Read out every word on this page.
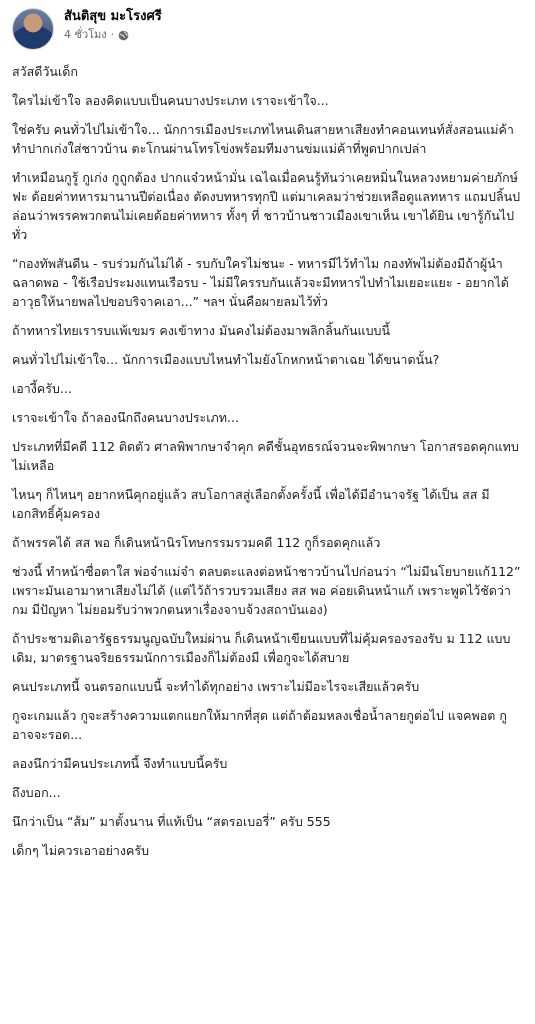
สันติสุข มะโรงศรี
4 ชั่วโมง ·

สวัสดีวันเด็ก

ใครไม่เข้าใจ ลองคิดแบบเป็นคนบางประเภท เราจะเข้าใจ...

ใช่ครับ คนทั่วไปไม่เข้าใจ... นักการเมืองประเภทไหนเดินสายหาเสียงทำคอนเทนท์สั่งสอนแม่ค้า ทำปากเก่งใส่ชาวบ้าน ตะโกนผ่านโทรโข่งพร้อมทีมงานข่มแม่ค้าที่พูดปากเปล่า

ทำเหมือนกูรู้ กูเก่ง กูถูกต้อง ปากแจ๋วหน้ามั่น เฉไฉเมื่อคนรู้ทันว่าเคยหมิ่นในหลวงหยามค่ายภักษ์ฟะ ด้อยค่าทหารมานานปีต่อเนื่อง ตัดงบทหารทุกปี แต่มาเคลมว่าช่วยเหลือดูแลทหาร แถมปลิ้นปล่อนว่าพรรคพวกตนไม่เคยด้อยค่าทหาร ทั้งๆ ที่ ชาวบ้านชาวเมืองเขาเห็น เขาได้ยิน เขารู้กันไปทั่ว

“กองทัพสันดีน - รบร่วมกันไม่ได้ - รบกับใครไม่ชนะ - ทหารมีไว้ทำไม กองทัพไม่ต้องมีถ้าผู้นำฉลาดพอ - ใช้เรือประมงแทนเรือรบ - ไม่มีใครรบกันแล้วจะมีทหารไปทำไมเยอะแยะ - อยากได้อาวุธให้นายพลไปขอบริจาคเอา...” ฯลฯ นั่นคือผายลมไว้ทั่ว

ถ้าทหารไทยเรารบแพ้เขมร คงเข้าทาง มันคงไม่ต้องมาพลิกลิ้นกันแบบนี้

คนทั่วไปไม่เข้าใจ... นักการเมืองแบบไหนทำไมยังโกหกหน้าตาเฉย ได้ขนาดนั้น?

เอางี้ครับ...

เราจะเข้าใจ ถ้าลองนึกถึงคนบางประเภท...

ประเภทที่มีคดี 112 ติดตัว ศาลพิพากษาจำคุก คดีชั้นอุทธรณ์จวนจะพิพากษา โอกาสรอดคุกแทบไม่เหลือ

ไหนๆ ก็ไหนๆ อยากหนีคุกอยู่แล้ว สบโอกาสสู่เลือกตั้งครั้งนี้ เพื่อได้มีอำนาจรัฐ ได้เป็น สส มีเอกสิทธิ์คุ้มครอง

ถ้าพรรคได้ สส พอ ก็เดินหน้านิรโทษกรรมรวมคดี 112 กูก็รอดคุกแล้ว

ช่วงนี้ ทำหน้าซื่อตาใส พ่อจ๋าแม่จ๋า ตลบตะแลงต่อหน้าชาวบ้านไปก่อนว่า “ไม่มีนโยบายแก้112” เพราะมันเอามาหาเสียงไม่ได้ (แต่ไว้ถ้ารวบรวมเสียง สส พอ ค่อยเดินหน้าแก้ เพราะพูดไว้ชัดว่า กม มีปัญหา ไม่ยอมรับว่าพวกตนหาเรื่องจาบจ้วงสถาบันเอง)

ถ้าประชามติเอารัฐธรรมนูญฉบับใหม่ผ่าน ก็เดินหน้าเขียนแบบที่ไม่คุ้มครองรองรับ ม 112 แบบเดิม, มาตรฐานจริยธรรมนักการเมืองก็ไม่ต้องมี เพื่อกูจะได้สบาย

คนประเภทนี้ จนตรอกแบบนี้ จะทำได้ทุกอย่าง เพราะไม่มีอะไรจะเสียแล้วครับ

กูจะเกมแล้ว กูจะสร้างความแตกแยกให้มากที่สุด แต่ถ้าต้อมหลงเชื่อน้ำลายกูต่อไป แจคพอต กูอาจจะรอด...

ลองนึกว่ามีคนประเภทนี้ จึงทำแบบนี้ครับ

ถึงบอก...

นึกว่าเป็น “ส้ม” มาตั้งนาน ที่แท้เป็น “สตรอเบอรี่” ครับ 555

เด็กๆ ไม่ควรเอาอย่างครับ
